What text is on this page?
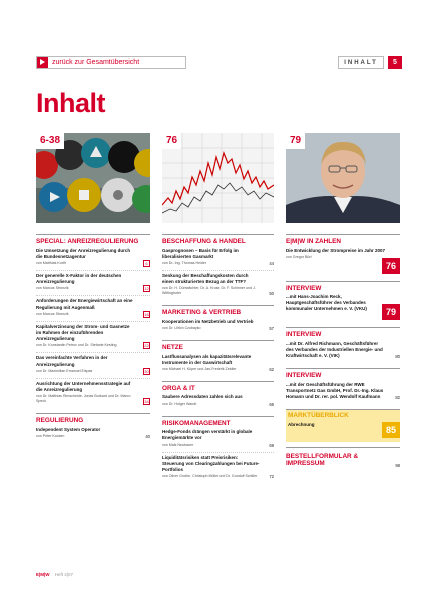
zurück zur Gesamtübersicht	INHALT	5
Inhalt
6-38	76	79
SPECIAL: ANREIZREGULIERUNG
Die Umsetzung der Anreizregulierung durch die Bundesnetzagentur
von Matthias Kurth	6
Der generelle X-Faktor in der deutschen Anreizregulierung
von Marcus Stronzik	12
Anforderungen der Energiewirtschaft an eine Regulierung mit Augenmaß
von Marcus Stronzik	16
Kapitalverzinsung der Strom- und Gasnetze im Rahmen der einzuführenden Anreizregulierung
von Dr. Konstantin Petrov und Dr. Stefanie Kesting	22
Das vereinfachte Verfahren in der Anreizregulierung
von Dr. Maximilian Emanuel Elspas	30
Ausrichtung der Unternehmensstrategie auf die Anreizregulierung
von Dr. Matthias Rimscheide, Jonas Burkard und Dr. Marco Speck	34
REGULIERUNG
Independent System Operator
von Peter Kocken	40
BESCHAFFUNG & HANDEL
Gasprognosen – Basis für Erfolg im liberalisierten Gasmarkt
von Dr.-Ing. Thomas Heider	44
Senkung der Beschaffungskosten durch einen strukturierten Bezug an der TTF?
von Dr. H. Dürrwächter, Dr. A. Kruse, Dr. F. Schinner und J. Wittinghofer	50
MARKETING & VERTRIEB
Kooperationen im Netzbetrieb und Vertrieb
von Dr. Ulrich Czubayko	57
NETZE
Lastflussanalysen als kapazitätsrelevante Instrumente in der Gaswirtschaft
von Michael H. Küper und Jan-Frederik Zeidler	62
ORGA & IT
Saubere Adressdaten zahlen sich aus
von Dr. Holger Wandt	66
RISIKOMANAGEMENT
Hedge-Fonds drängen verstärkt in globale Energiemärkte vor
von Maik Neubauer	69
Liquiditätsrisiken statt Preisrisiken: Steuerung von Clearingzahlungen bei Future-Portfolios
von Oliver Grothe, Christoph Müller und Dr. Gundolf Schiller	72
E|M|W IN ZAHLEN
Die Entwicklung der Strompreise im Jahr 2007
von Gregor Bürt
76
INTERVIEW
...mit Hans-Joachim Reck, Hauptgeschäftsführer des Verbandes kommunaler Unternehmen e. V. (VKU)	79
INTERVIEW
...mit Dr. Alfred Richmann, Geschäftsführer des Verbandes der Industriellen Energie- und Kraftwirtschaft e. V. (VIK)	80
INTERVIEW
...mit der Geschäftsführung der RWE Transportnetz Gas GmbH, Prof. Dr.-Ing. Klaus Homann und Dr. rer. pol. Wendolf Kaufmann	82
MARKTÜBERBLICK
Abrechnung
85
BESTELLFORMULAR & IMPRESSUM	98
E|M|W Heft 4|07
